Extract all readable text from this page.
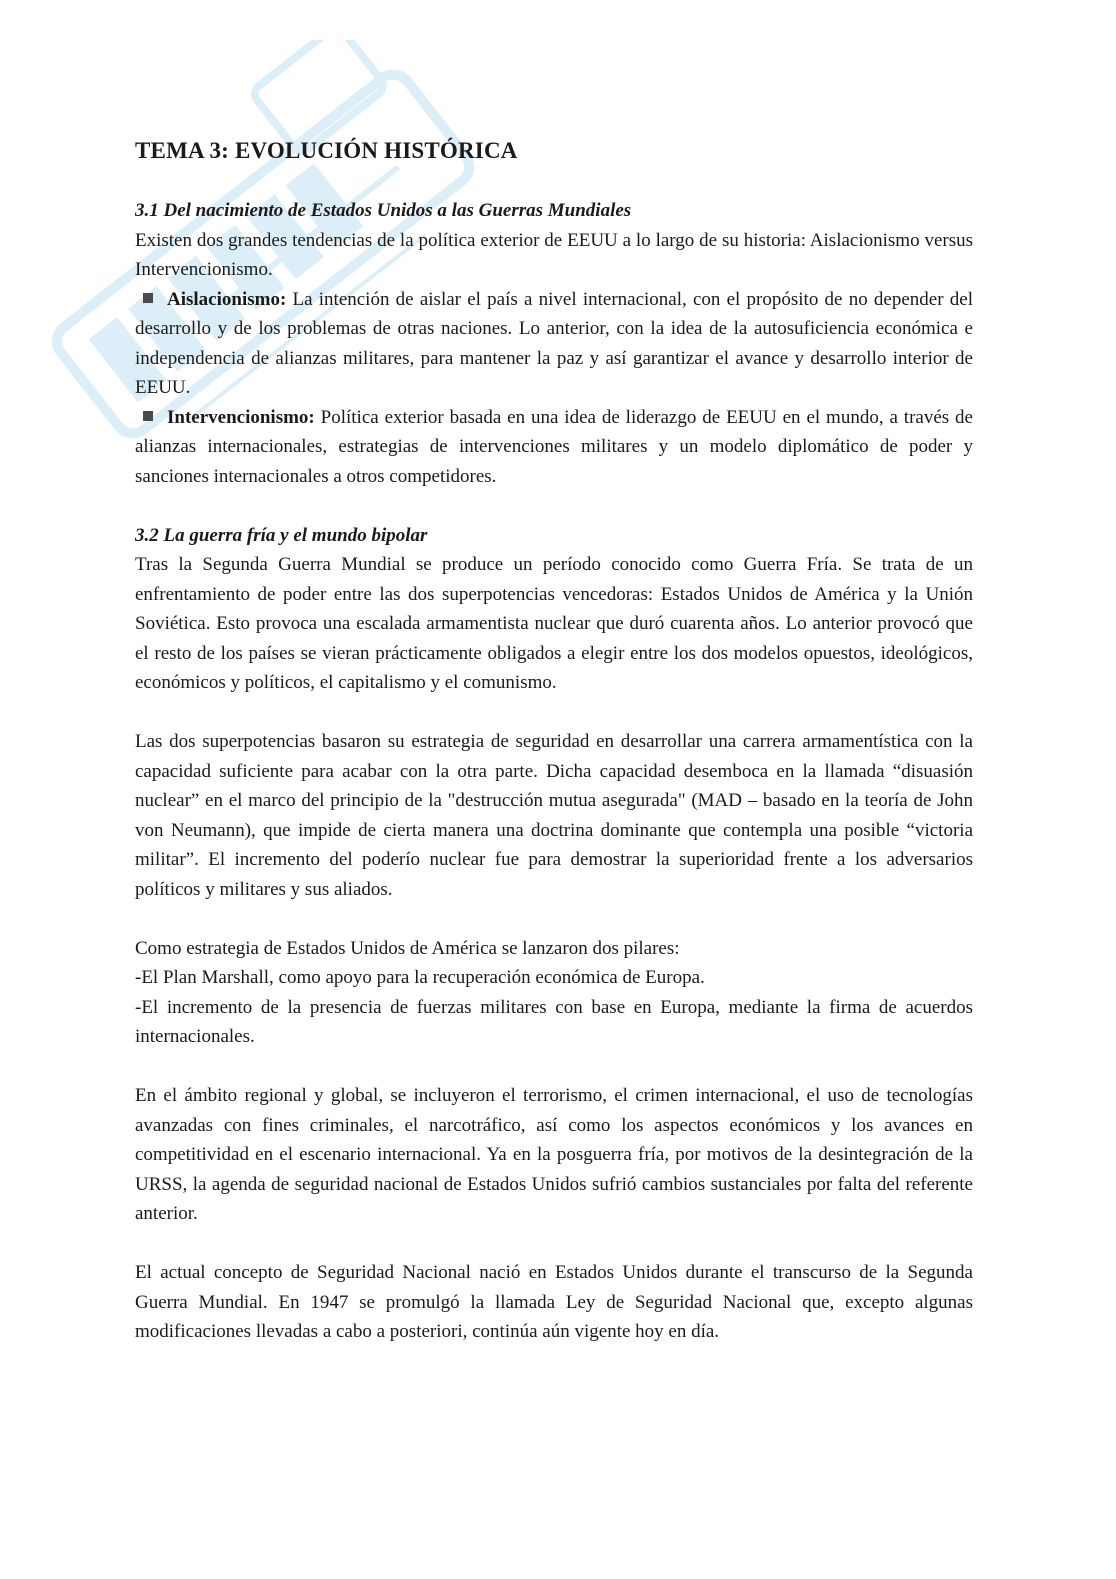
TEMA 3: EVOLUCIÓN HISTÓRICA
3.1 Del nacimiento de Estados Unidos a las Guerras Mundiales

Existen dos grandes tendencias de la política exterior de EEUU a lo largo de su historia: Aislacionismo versus Intervencionismo.

Aislacionismo: La intención de aislar el país a nivel internacional, con el propósito de no depender del desarrollo y de los problemas de otras naciones. Lo anterior, con la idea de la autosuficiencia económica e independencia de alianzas militares, para mantener la paz y así garantizar el avance y desarrollo interior de EEUU.

Intervencionismo: Política exterior basada en una idea de liderazgo de EEUU en el mundo, a través de alianzas internacionales, estrategias de intervenciones militares y un modelo diplomático de poder y sanciones internacionales a otros competidores.

3.2 La guerra fría y el mundo bipolar

Tras la Segunda Guerra Mundial se produce un período conocido como Guerra Fría. Se trata de un enfrentamiento de poder entre las dos superpotencias vencedoras: Estados Unidos de América y la Unión Soviética. Esto provoca una escalada armamentista nuclear que duró cuarenta años. Lo anterior provocó que el resto de los países se vieran prácticamente obligados a elegir entre los dos modelos opuestos, ideológicos, económicos y políticos, el capitalismo y el comunismo.

Las dos superpotencias basaron su estrategia de seguridad en desarrollar una carrera armamentística con la capacidad suficiente para acabar con la otra parte. Dicha capacidad desemboca en la llamada “disuasión nuclear” en el marco del principio de la "destrucción mutua asegurada" (MAD – basado en la teoría de John von Neumann), que impide de cierta manera una doctrina dominante que contempla una posible “victoria militar”. El incremento del poderío nuclear fue para demostrar la superioridad frente a los adversarios políticos y militares y sus aliados.

Como estrategia de Estados Unidos de América se lanzaron dos pilares:

-El Plan Marshall, como apoyo para la recuperación económica de Europa.

-El incremento de la presencia de fuerzas militares con base en Europa, mediante la firma de acuerdos internacionales.

En el ámbito regional y global, se incluyeron el terrorismo, el crimen internacional, el uso de tecnologías avanzadas con fines criminales, el narcotráfico, así como los aspectos económicos y los avances en competitividad en el escenario internacional. Ya en la posguerra fría, por motivos de la desintegración de la URSS, la agenda de seguridad nacional de Estados Unidos sufrió cambios sustanciales por falta del referente anterior.

El actual concepto de Seguridad Nacional nació en Estados Unidos durante el transcurso de la Segunda Guerra Mundial. En 1947 se promulgó la llamada Ley de Seguridad Nacional que, excepto algunas modificaciones llevadas a cabo a posteriori, continúa aún vigente hoy en día.
